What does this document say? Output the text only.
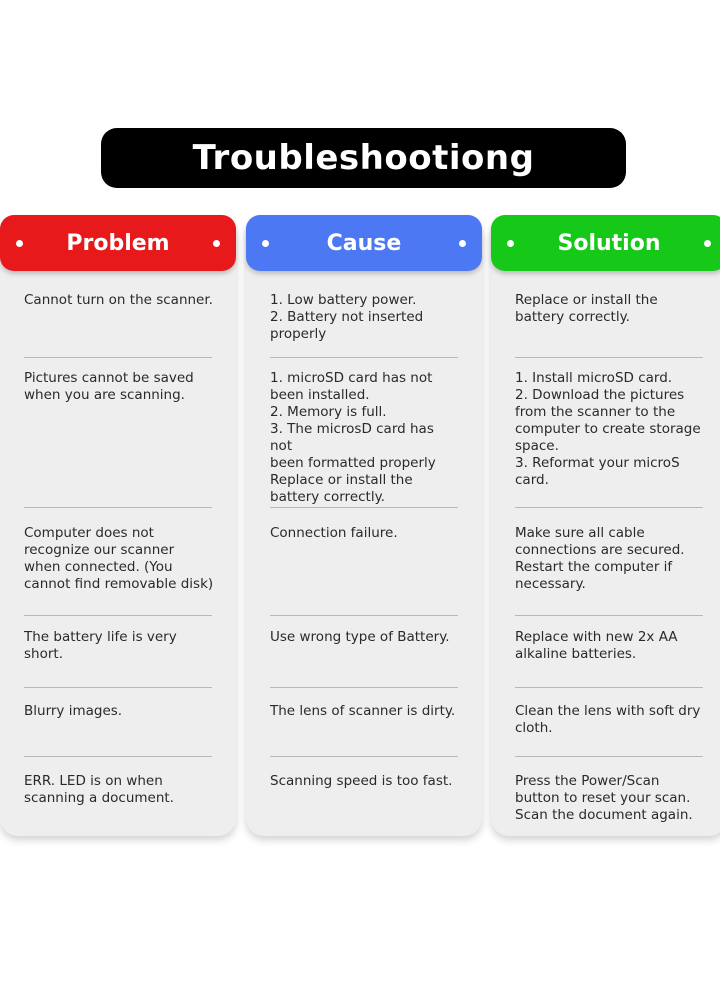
Troubleshootiong
Problem
Cannot turn on the scanner.
Pictures cannot be saved
when you are scanning.
Computer does not
recognize our scanner
when connected. (You
cannot find removable disk)
The battery life is very short.
Blurry images.
ERR. LED is on when
scanning a document.
Cause
1. Low battery power.
2. Battery not inserted
properly
1. microSD card has not
been installed.
2. Memory is full.
3. The microsD card has not
been formatted properly
Replace or install the
battery correctly.
Connection failure.
Use wrong type of Battery.
The lens of scanner is dirty.
Scanning speed is too fast.
Solution
Replace or install the
battery correctly.
1. Install microSD card.
2. Download the pictures
from the scanner to the
computer to create storage
space.
3. Reformat your microS
card.
Make sure all cable
connections are secured.
Restart the computer if
necessary.
Replace with new 2x AA
alkaline batteries.
Clean the lens with soft dry
cloth.
Press the Power/Scan
button to reset your scan.
Scan the document again.
